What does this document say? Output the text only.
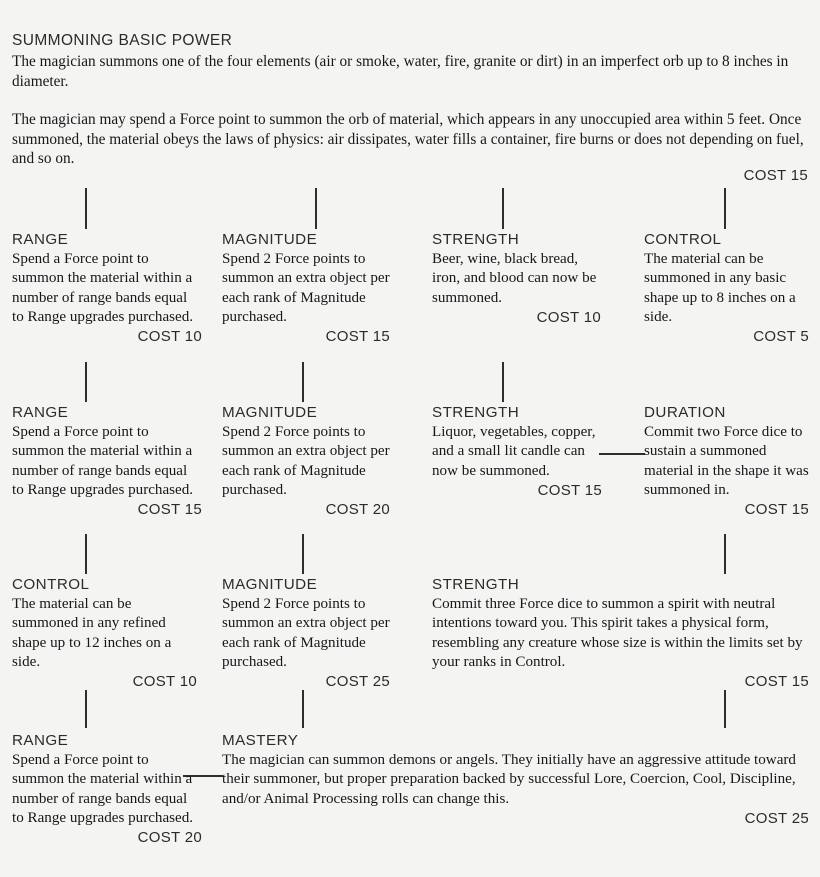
SUMMONING BASIC POWER

The magician summons one of the four elements (air or smoke, water, fire, granite or dirt) in an imperfect orb up to 8 inches in diameter.

The magician may spend a Force point to summon the orb of material, which appears in any unoccupied area within 5 feet. Once summoned, the material obeys the laws of physics: air dissipates, water fills a container, fire burns or does not depending on fuel, and so on.

COST 15
RANGE
Spend a Force point to summon the material within a number of range bands equal to Range upgrades purchased.
COST 10
MAGNITUDE
Spend 2 Force points to summon an extra object per each rank of Magnitude purchased.
COST 15
STRENGTH
Beer, wine, black bread, iron, and blood can now be summoned.
COST 10
CONTROL
The material can be summoned in any basic shape up to 8 inches on a side.
COST 5
RANGE
Spend a Force point to summon the material within a number of range bands equal to Range upgrades purchased.
COST 15
MAGNITUDE
Spend 2 Force points to summon an extra object per each rank of Magnitude purchased.
COST 20
STRENGTH
Liquor, vegetables, copper, and a small lit candle can now be summoned.
COST 15
DURATION
Commit two Force dice to sustain a summoned material in the shape it was summoned in.
COST 15
CONTROL
The material can be summoned in any refined shape up to 12 inches on a side.
COST 10
MAGNITUDE
Spend 2 Force points to summon an extra object per each rank of Magnitude purchased.
COST 25
STRENGTH
Commit three Force dice to summon a spirit with neutral intentions toward you. This spirit takes a physical form, resembling any creature whose size is within the limits set by your ranks in Control.
COST 15
RANGE
Spend a Force point to summon the material within a number of range bands equal to Range upgrades purchased.
COST 20
MASTERY
The magician can summon demons or angels. They initially have an aggressive attitude toward their summoner, but proper preparation backed by successful Lore, Coercion, Cool, Discipline, and/or Animal Processing rolls can change this.
COST 25
